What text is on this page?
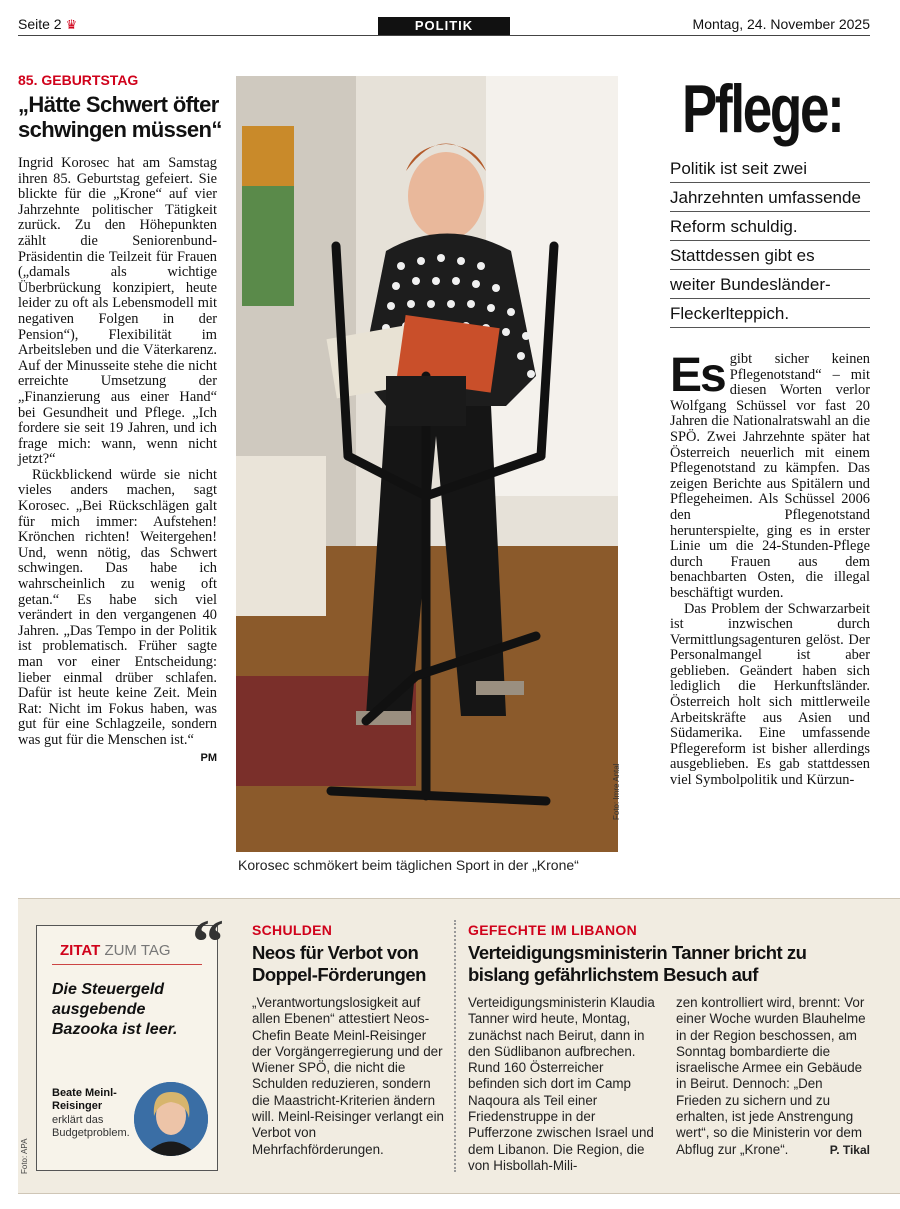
Seite 2 ♛	POLITIK	Montag, 24. November 2025
85. GEBURTSTAG
„Hätte Schwert öfter schwingen müssen“

Ingrid Korosec hat am Samstag ihren 85. Geburtstag gefeiert. Sie blickte für die „Krone“ auf vier Jahrzehnte politischer Tätigkeit zurück. Zu den Höhepunkten zählt die Seniorenbund-Präsidentin die Teilzeit für Frauen („damals als wichtige Überbrückung konzipiert, heute leider zu oft als Lebensmodell mit negativen Folgen in der Pension“), Flexibilität im Arbeitsleben und die Väterkarenz. Auf der Minusseite stehe die nicht erreichte Umsetzung der „Finanzierung aus einer Hand“ bei Gesundheit und Pflege. „Ich fordere sie seit 19 Jahren, und ich frage mich: wann, wenn nicht jetzt?“

Rückblickend würde sie nicht vieles anders machen, sagt Korosec. „Bei Rückschlägen galt für mich immer: Aufstehen! Krönchen richten! Weitergehen! Und, wenn nötig, das Schwert schwingen. Das habe ich wahrscheinlich zu wenig oft getan.“ Es habe sich viel verändert in den vergangenen 40 Jahren. „Das Tempo in der Politik ist problematisch. Früher sagte man vor einer Entscheidung: lieber einmal drüber schlafen. Dafür ist heute keine Zeit. Mein Rat: Nicht im Fokus haben, was gut für eine Schlagzeile, sondern was gut für die Menschen ist.“
PM

Foto: Imre Antal
Korosec schmökert beim täglichen Sport in der „Krone“
Pflege:
Politik ist seit zwei
Jahrzehnten umfassende
Reform schuldig.
Stattdessen gibt es
weiter Bundesländer-
Fleckerlteppich.

Es gibt sicher keinen Pflegenotstand“ – mit diesen Worten verlor Wolfgang Schüssel vor fast 20 Jahren die Nationalratswahl an die SPÖ. Zwei Jahrzehnte später hat Österreich neuerlich mit einem Pflegenotstand zu kämpfen. Das zeigen Berichte aus Spitälern und Pflegeheimen. Als Schüssel 2006 den Pflegenotstand herunterspielte, ging es in erster Linie um die 24-Stunden-Pflege durch Frauen aus dem benachbarten Osten, die illegal beschäftigt wurden.

Das Problem der Schwarzarbeit ist inzwischen durch Vermittlungsagenturen gelöst. Der Personalmangel ist aber geblieben. Geändert haben sich lediglich die Herkunftsländer. Österreich holt sich mittlerweile Arbeitskräfte aus Asien und Südamerika. Eine umfassende Pflegereform ist bisher allerdings ausgeblieben. Es gab stattdessen viel Symbolpolitik und Kürzun-

“
ZITAT ZUM TAG
Die Steuergeld ausgebende Bazooka ist leer.
Beate Meinl-Reisinger
erklärt das Budgetproblem.
Foto: APA
SCHULDEN
Neos für Verbot von Doppel-Förderungen
„Verantwortungslosigkeit auf allen Ebenen“ attestiert Neos-Chefin Beate Meinl-Reisinger der Vorgängerregierung und der Wiener SPÖ, die nicht die Schulden reduzieren, sondern die Maastricht-Kriterien ändern will. Meinl-Reisinger verlangt ein Verbot von Mehrfachförderungen.
GEFECHTE IM LIBANON
Verteidigungsministerin Tanner bricht zu bislang gefährlichstem Besuch auf
Verteidigungsministerin Klaudia Tanner wird heute, Montag, zunächst nach Beirut, dann in den Südlibanon aufbrechen. Rund 160 Österreicher befinden sich dort im Camp Naqoura als Teil einer Friedenstruppe in der Pufferzone zwischen Israel und dem Libanon. Die Region, die von Hisbollah-Mili-
zen kontrolliert wird, brennt: Vor einer Woche wurden Blauhelme in der Region beschossen, am Sonntag bombardierte die israelische Armee ein Gebäude in Beirut. Dennoch: „Den Frieden zu sichern und zu erhalten, ist jede Anstrengung wert“, so die Ministerin vor dem Abflug zur „Krone“.	P. Tikal
